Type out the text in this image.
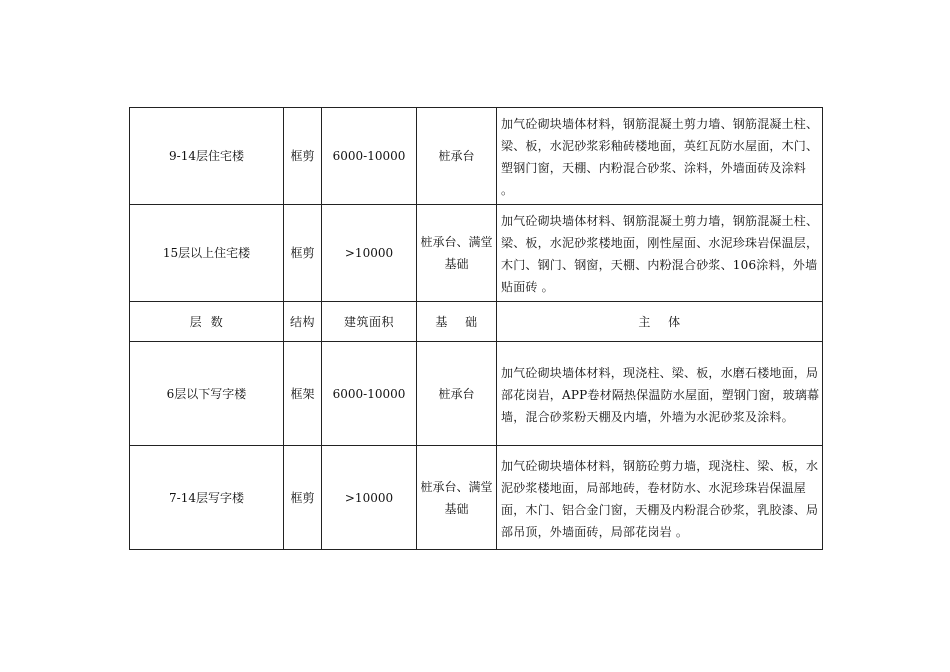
9-14层住宅楼	框剪	6000-10000	桩承台	加气砼砌块墙体材料，钢筋混凝土剪力墙、钢筋混凝土柱、梁、板，水泥砂浆彩釉砖楼地面，英红瓦防水屋面，木门、塑钢门窗，天棚、内粉混合砂浆、涂料，外墙面砖及涂料 。
15层以上住宅楼	框剪	>10000	桩承台、满堂基础	加气砼砌块墙体材料、钢筋混凝土剪力墙，钢筋混凝土柱、梁、板，水泥砂浆楼地面，刚性屋面、水泥珍珠岩保温层，木门、钢门、钢窗，天棚、内粉混合砂浆、106涂料，外墙贴面砖 。
层  数	结构	建筑面积	基    础	主    体
6层以下写字楼	框架	6000-10000	桩承台	加气砼砌块墙体材料，现浇柱、梁、板，水磨石楼地面，局部花岗岩，APP卷材隔热保温防水屋面，塑钢门窗，玻璃幕墙，混合砂浆粉天棚及内墙，外墙为水泥砂浆及涂料。
7-14层写字楼	框剪	>10000	桩承台、满堂基础	加气砼砌块墙体材料，钢筋砼剪力墙，现浇柱、梁、板，水泥砂浆楼地面，局部地砖，卷材防水、水泥珍珠岩保温屋面，木门、铝合金门窗，天棚及内粉混合砂浆，乳胶漆、局部吊顶，外墙面砖，局部花岗岩 。
